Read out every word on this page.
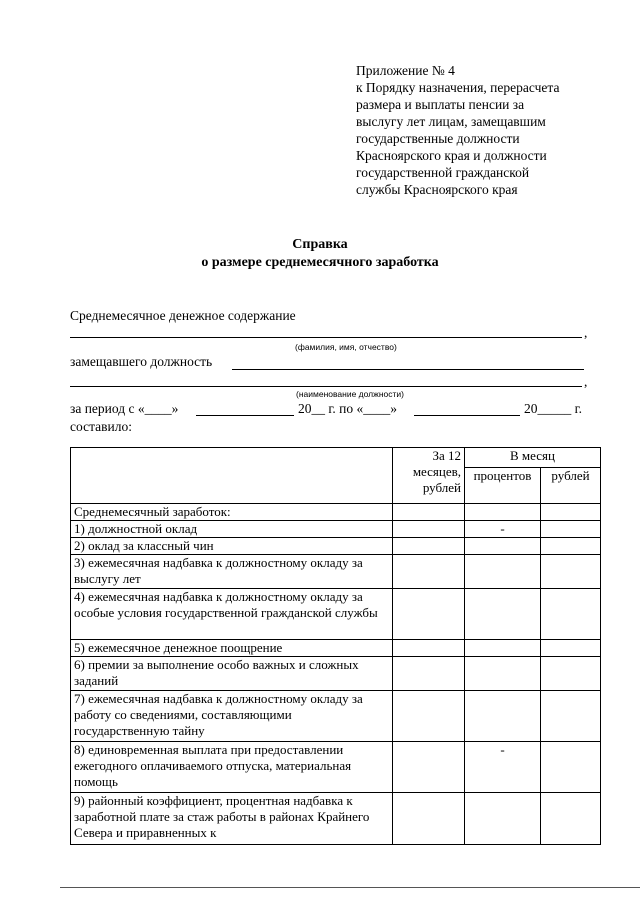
Приложение № 4
к Порядку назначения, перерасчета
размера и выплаты пенсии за
выслугу лет лицам, замещавшим
государственные должности
Красноярского края и должности
государственной гражданской
службы Красноярского края
Справка
о размере среднемесячного заработка
Среднемесячное денежное содержание
,
(фамилия, имя, отчество)
замещавшего должность
,
(наименование должности)
за период с «____»	20__ г. по «____»	20_____ г.
составило:
	За 12 месяцев, рублей	В месяц	
		процентов	рублей
Среднемесячный заработок:			
1) должностной оклад		-	
2) оклад за классный чин			
3) ежемесячная надбавка к должностному окладу за выслугу лет			
4) ежемесячная надбавка к должностному окладу за особые условия государственной гражданской службы			
5) ежемесячное денежное поощрение			
6) премии за выполнение особо важных и сложных заданий			
7) ежемесячная надбавка к должностному окладу за работу со сведениями, составляющими государственную тайну			
8) единовременная выплата при предоставлении ежегодного оплачиваемого отпуска, материальная помощь		-	
9) районный коэффициент, процентная надбавка к заработной плате за стаж работы в районах Крайнего Севера и приравненных к			
